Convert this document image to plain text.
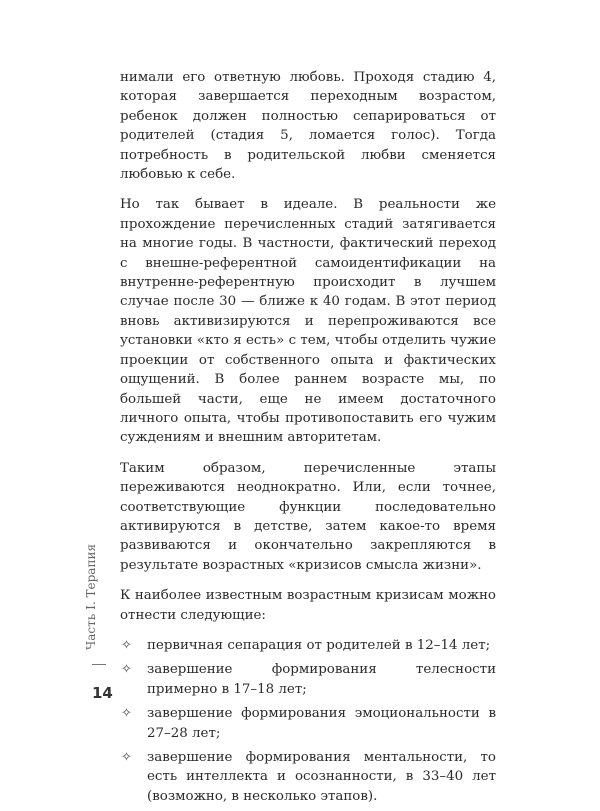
нимали его ответную любовь. Проходя стадию 4, которая завершается переходным возрастом, ребенок должен полностью сепарироваться от родителей (стадия 5, ломается голос). Тогда потребность в родительской любви сменяется любовью к себе.

Но так бывает в идеале. В реальности же прохождение перечисленных стадий затягивается на многие годы. В частности, фактический переход с внешне-референтной самоидентификации на внутренне-референтную происходит в лучшем случае после 30 — ближе к 40 годам. В этот период вновь активизируются и перепроживаются все установки «кто я есть» с тем, чтобы отделить чужие проекции от собственного опыта и фактических ощущений. В более раннем возрасте мы, по большей части, еще не имеем достаточного личного опыта, чтобы противопоставить его чужим суждениям и внешним авторитетам.

Таким образом, перечисленные этапы переживаются неоднократно. Или, если точнее, соответствующие функции последовательно активируются в детстве, затем какое-то время развиваются и окончательно закрепляются в результате возрастных «кризисов смысла жизни».

К наиболее известным возрастным кризисам можно отнести следующие:

✧ первичная сепарация от родителей в 12–14 лет;
✧ завершение формирования телесности примерно в 17–18 лет;
✧ завершение формирования эмоциональности в 27–28 лет;
✧ завершение формирования ментальности, то есть интеллекта и осознанности, в 33–40 лет (возможно, в несколько этапов).
Часть I. Терапия
14
